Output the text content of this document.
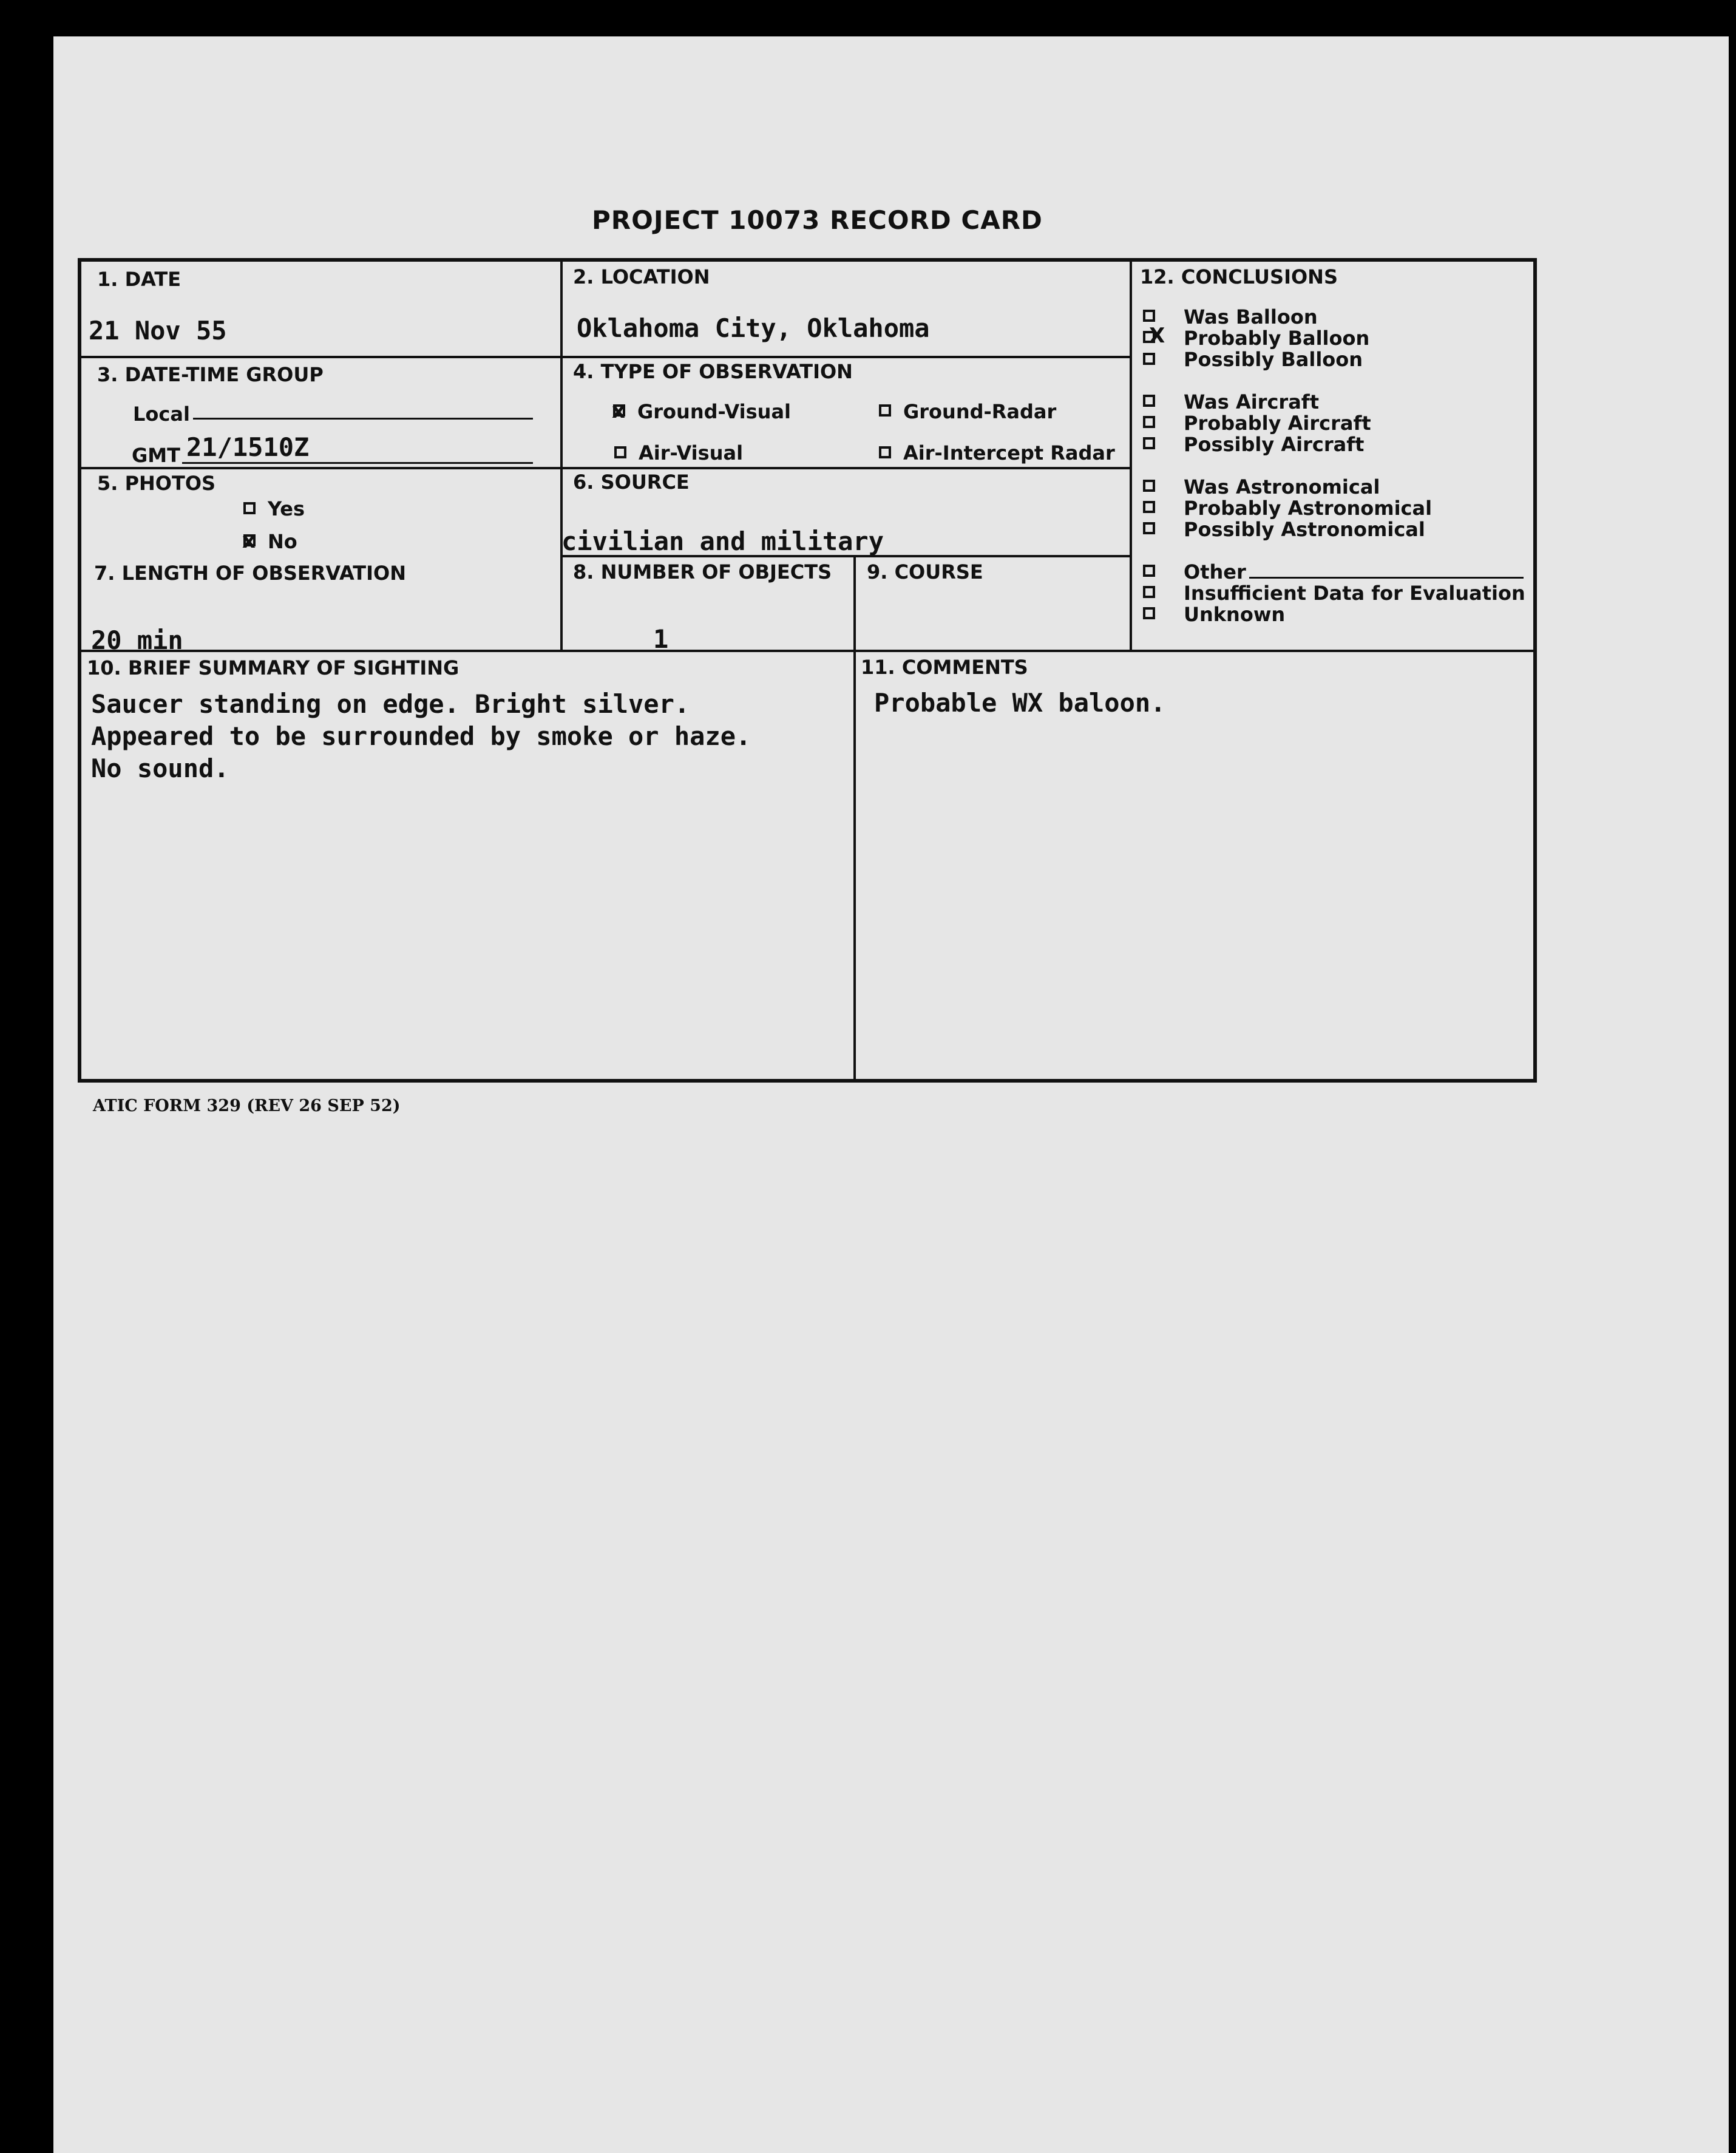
PROJECT 10073 RECORD CARD
1. DATE
21 Nov 55
2. LOCATION
Oklahoma City, Oklahoma
3. DATE-TIME GROUP
Local
GMT 21/1510Z
4. TYPE OF OBSERVATION
x Ground-Visual	Ground-Radar
Air-Visual	Air-Intercept Radar
5. PHOTOS
Yes
x No
6. SOURCE
civilian and military
7. LENGTH OF OBSERVATION
20 min
8. NUMBER OF OBJECTS
1
9. COURSE
10. BRIEF SUMMARY OF SIGHTING
Saucer standing on edge. Bright silver.
Appeared to be surrounded by smoke or haze.
No sound.
11. COMMENTS
Probable WX baloon.
12. CONCLUSIONS
Was Balloon
X Probably Balloon
Possibly Balloon
Was Aircraft
Probably Aircraft
Possibly Aircraft
Was Astronomical
Probably Astronomical
Possibly Astronomical
Other
Insufficient Data for Evaluation
Unknown
ATIC FORM 329 (REV 26 SEP 52)
